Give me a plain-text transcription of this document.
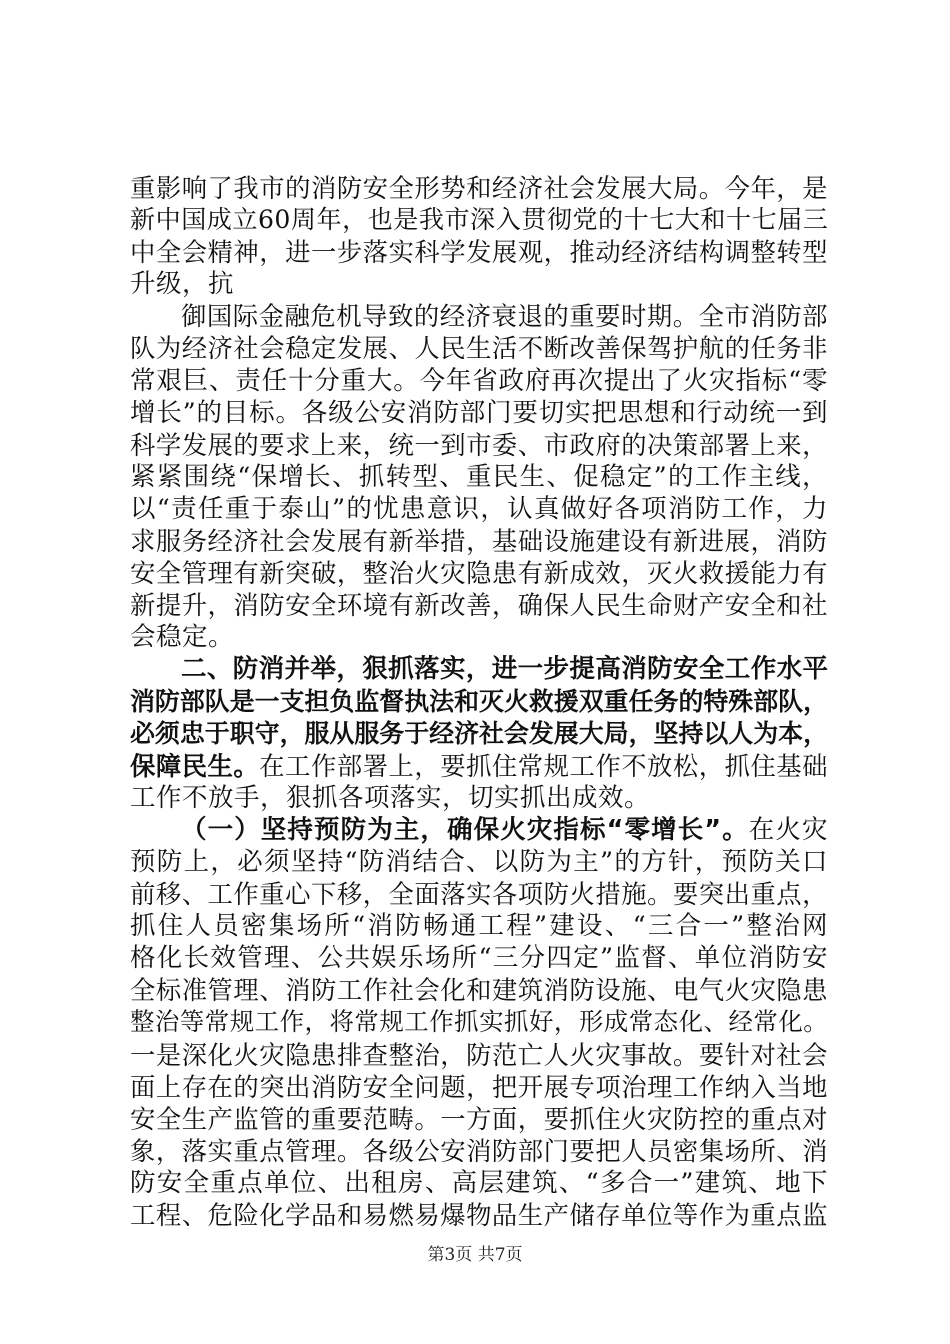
重影响了我市的消防安全形势和经济社会发展大局。今年，是
新中国成立60周年，也是我市深入贯彻党的十七大和十七届三
中全会精神，进一步落实科学发展观，推动经济结构调整转型
升级，抗
御国际金融危机导致的经济衰退的重要时期。全市消防部
队为经济社会稳定发展、人民生活不断改善保驾护航的任务非
常艰巨、责任十分重大。今年省政府再次提出了火灾指标“零
增长”的目标。各级公安消防部门要切实把思想和行动统一到
科学发展的要求上来，统一到市委、市政府的决策部署上来，
紧紧围绕“保增长、抓转型、重民生、促稳定”的工作主线，
以“责任重于泰山”的忧患意识，认真做好各项消防工作，力
求服务经济社会发展有新举措，基础设施建设有新进展，消防
安全管理有新突破，整治火灾隐患有新成效，灭火救援能力有
新提升，消防安全环境有新改善，确保人民生命财产安全和社
会稳定。
二、防消并举，狠抓落实，进一步提高消防安全工作水平
消防部队是一支担负监督执法和灭火救援双重任务的特殊部队，
必须忠于职守，服从服务于经济社会发展大局，坚持以人为本，
保障民生。在工作部署上，要抓住常规工作不放松，抓住基础
工作不放手，狠抓各项落实，切实抓出成效。
（一）坚持预防为主，确保火灾指标“零增长”。在火灾
预防上，必须坚持“防消结合、以防为主”的方针，预防关口
前移、工作重心下移，全面落实各项防火措施。要突出重点，
抓住人员密集场所“消防畅通工程”建设、“三合一”整治网
格化长效管理、公共娱乐场所“三分四定”监督、单位消防安
全标准管理、消防工作社会化和建筑消防设施、电气火灾隐患
整治等常规工作，将常规工作抓实抓好，形成常态化、经常化。
一是深化火灾隐患排查整治，防范亡人火灾事故。要针对社会
面上存在的突出消防安全问题，把开展专项治理工作纳入当地
安全生产监管的重要范畴。一方面，要抓住火灾防控的重点对
象，落实重点管理。各级公安消防部门要把人员密集场所、消
防安全重点单位、出租房、高层建筑、“多合一”建筑、地下
工程、危险化学品和易燃易爆物品生产储存单位等作为重点监
第3页 共7页
